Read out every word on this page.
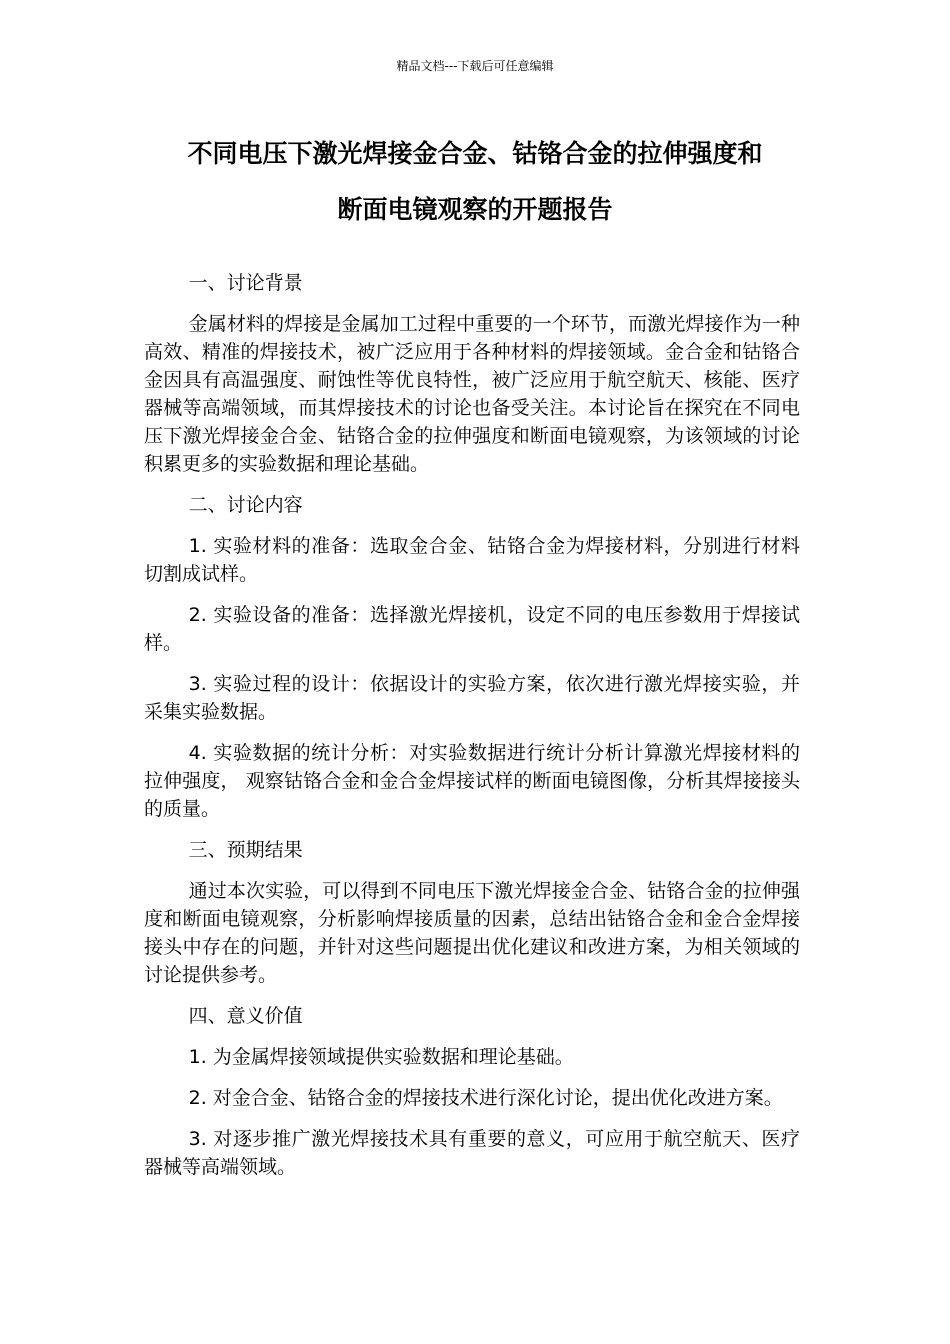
精品文档---下载后可任意编辑
不同电压下激光焊接金合金、钴铬合金的拉伸强度和
断面电镜观察的开题报告

一、讨论背景

金属材料的焊接是金属加工过程中重要的一个环节，而激光焊接作为一种高效、精准的焊接技术，被广泛应用于各种材料的焊接领域。金合金和钴铬合金因具有高温强度、耐蚀性等优良特性，被广泛应用于航空航天、核能、医疗器械等高端领域，而其焊接技术的讨论也备受关注。本讨论旨在探究在不同电压下激光焊接金合金、钴铬合金的拉伸强度和断面电镜观察，为该领域的讨论积累更多的实验数据和理论基础。

二、讨论内容

1. 实验材料的准备：选取金合金、钴铬合金为焊接材料，分别进行材料切割成试样。

2. 实验设备的准备：选择激光焊接机，设定不同的电压参数用于焊接试样。

3. 实验过程的设计：依据设计的实验方案，依次进行激光焊接实验，并采集实验数据。

4. 实验数据的统计分析：对实验数据进行统计分析计算激光焊接材料的拉伸强度， 观察钴铬合金和金合金焊接试样的断面电镜图像，分析其焊接接头的质量。

三、预期结果

通过本次实验，可以得到不同电压下激光焊接金合金、钴铬合金的拉伸强度和断面电镜观察，分析影响焊接质量的因素，总结出钴铬合金和金合金焊接接头中存在的问题，并针对这些问题提出优化建议和改进方案，为相关领域的讨论提供参考。

四、意义价值

1. 为金属焊接领域提供实验数据和理论基础。

2. 对金合金、钴铬合金的焊接技术进行深化讨论，提出优化改进方案。

3. 对逐步推广激光焊接技术具有重要的意义，可应用于航空航天、医疗器械等高端领域。
